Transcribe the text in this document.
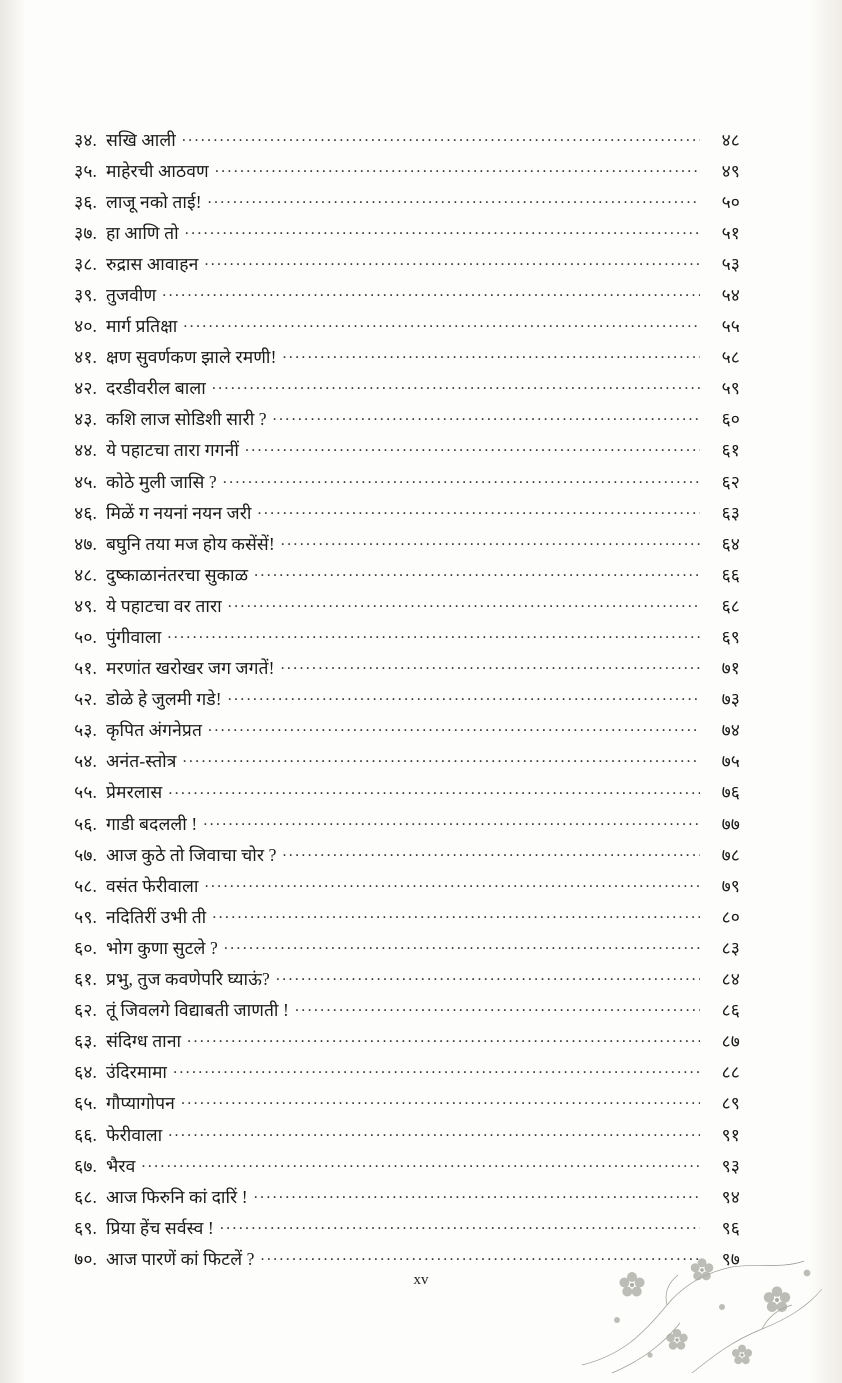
३४. सखि आली .....	४८
३५. माहेरची आठवण .....	४९
३६. लाजू नको ताई! .....	५०
३७. हा आणि तो .....	५१
३८. रुद्रास आवाहन .....	५३
३९. तुजवीण .....	५४
४०. मार्ग प्रतिक्षा .....	५५
४१. क्षण सुवर्णकण झाले रमणी! .....	५८
४२. दरडीवरील बाला .....	५९
४३. कशि लाज सोडिशी सारी ? .....	६०
४४. ये पहाटचा तारा गगनीं .....	६१
४५. कोठे मुली जासि ? .....	६२
४६. मिळें ग नयनां नयन जरी .....	६३
४७. बघुनि तया मज होय कसेंसें! .....	६४
४८. दुष्काळानंतरचा सुकाळ .....	६६
४९. ये पहाटचा वर तारा .....	६८
५०. पुंगीवाला .....	६९
५१. मरणांत खरोखर जग जगतें! .....	७१
५२. डोळे हे जुलमी गडे! .....	७३
५३. कृपित अंगनेप्रत .....	७४
५४. अनंत-स्तोत्र .....	७५
५५. प्रेमरलास .....	७६
५६. गाडी बदलली ! .....	७७
५७. आज कुठे तो जिवाचा चोर ? .....	७८
५८. वसंत फेरीवाला .....	७९
५९. नदितिरीं उभी ती .....	८०
६०. भोग कुणा सुटले ? .....	८३
६१. प्रभु, तुज कवणेपरि घ्याऊं? .....	८४
६२. तूं जिवलगे विद्याबती जाणती ! .....	८६
६३. संदिग्ध ताना .....	८७
६४. उंदिरमामा .....	८८
६५. गौप्यागोपन .....	८९
६६. फेरीवाला .....	९१
६७. भैरव .....	९३
६८. आज फिरुनि कां दारिं ! .....	९४
६९. प्रिया हेंच सर्वस्व ! .....	९६
७०. आज पारणें कां फिटलें ? .....	९७
xv
